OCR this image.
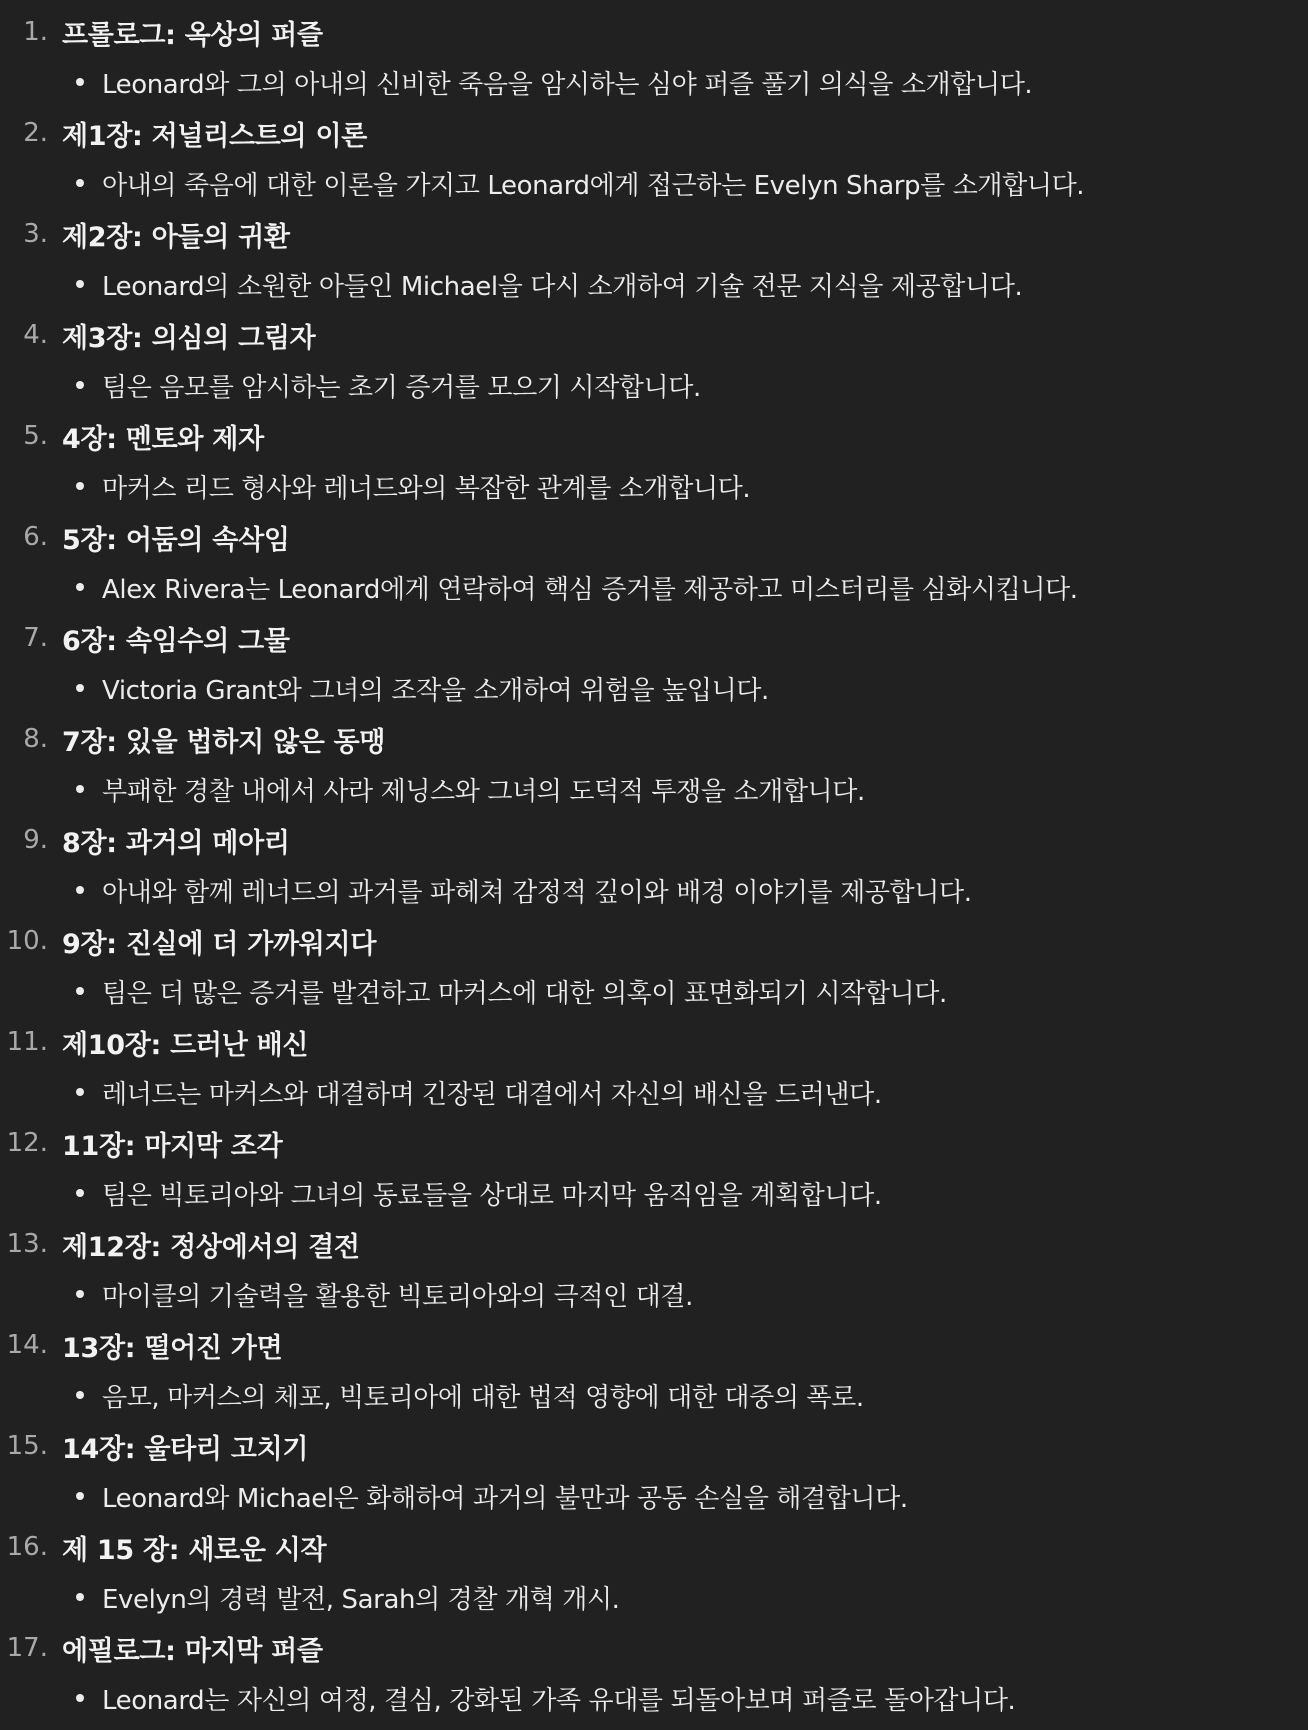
1. 프롤로그: 옥상의 퍼즐
Leonard와 그의 아내의 신비한 죽음을 암시하는 심야 퍼즐 풀기 의식을 소개합니다.
2. 제1장: 저널리스트의 이론
아내의 죽음에 대한 이론을 가지고 Leonard에게 접근하는 Evelyn Sharp를 소개합니다.
3. 제2장: 아들의 귀환
Leonard의 소원한 아들인 Michael을 다시 소개하여 기술 전문 지식을 제공합니다.
4. 제3장: 의심의 그림자
팀은 음모를 암시하는 초기 증거를 모으기 시작합니다.
5. 4장: 멘토와 제자
마커스 리드 형사와 레너드와의 복잡한 관계를 소개합니다.
6. 5장: 어둠의 속삭임
Alex Rivera는 Leonard에게 연락하여 핵심 증거를 제공하고 미스터리를 심화시킵니다.
7. 6장: 속임수의 그물
Victoria Grant와 그녀의 조작을 소개하여 위험을 높입니다.
8. 7장: 있을 법하지 않은 동맹
부패한 경찰 내에서 사라 제닝스와 그녀의 도덕적 투쟁을 소개합니다.
9. 8장: 과거의 메아리
아내와 함께 레너드의 과거를 파헤쳐 감정적 깊이와 배경 이야기를 제공합니다.
10. 9장: 진실에 더 가까워지다
팀은 더 많은 증거를 발견하고 마커스에 대한 의혹이 표면화되기 시작합니다.
11. 제10장: 드러난 배신
레너드는 마커스와 대결하며 긴장된 대결에서 자신의 배신을 드러낸다.
12. 11장: 마지막 조각
팀은 빅토리아와 그녀의 동료들을 상대로 마지막 움직임을 계획합니다.
13. 제12장: 정상에서의 결전
마이클의 기술력을 활용한 빅토리아와의 극적인 대결.
14. 13장: 떨어진 가면
음모, 마커스의 체포, 빅토리아에 대한 법적 영향에 대한 대중의 폭로.
15. 14장: 울타리 고치기
Leonard와 Michael은 화해하여 과거의 불만과 공동 손실을 해결합니다.
16. 제 15 장: 새로운 시작
Evelyn의 경력 발전, Sarah의 경찰 개혁 개시.
17. 에필로그: 마지막 퍼즐
Leonard는 자신의 여정, 결심, 강화된 가족 유대를 되돌아보며 퍼즐로 돌아갑니다.
